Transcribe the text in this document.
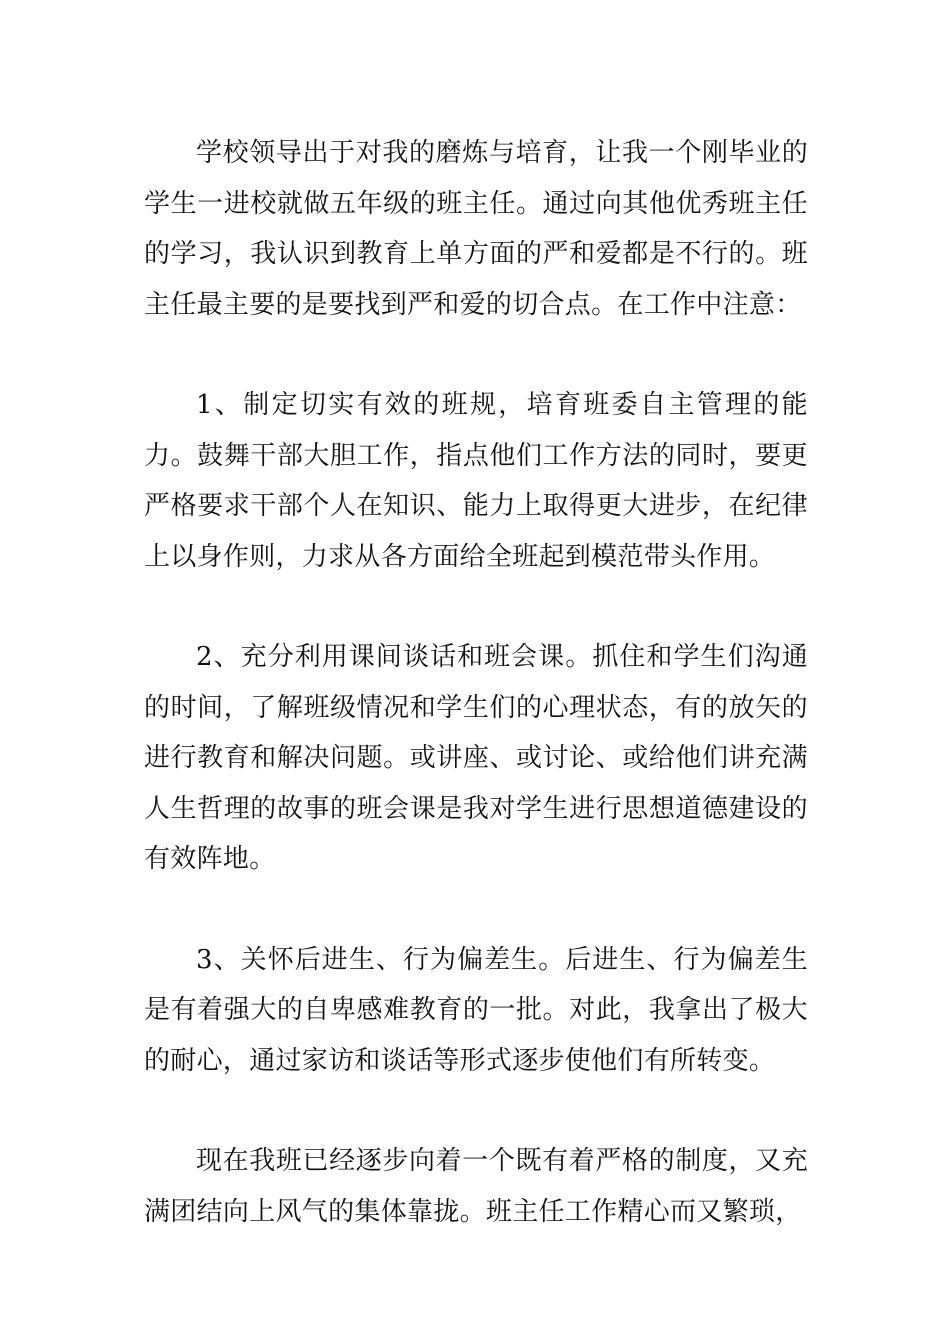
学校领导出于对我的磨炼与培育，让我一个刚毕业的学生一进校就做五年级的班主任。通过向其他优秀班主任的学习，我认识到教育上单方面的严和爱都是不行的。班主任最主要的是要找到严和爱的切合点。在工作中注意：

1、制定切实有效的班规，培育班委自主管理的能力。鼓舞干部大胆工作，指点他们工作方法的同时，要更严格要求干部个人在知识、能力上取得更大进步，在纪律上以身作则，力求从各方面给全班起到模范带头作用。

2、充分利用课间谈话和班会课。抓住和学生们沟通的时间，了解班级情况和学生们的心理状态，有的放矢的进行教育和解决问题。或讲座、或讨论、或给他们讲充满人生哲理的故事的班会课是我对学生进行思想道德建设的有效阵地。

3、关怀后进生、行为偏差生。后进生、行为偏差生是有着强大的自卑感难教育的一批。对此，我拿出了极大的耐心，通过家访和谈话等形式逐步使他们有所转变。

现在我班已经逐步向着一个既有着严格的制度，又充满团结向上风气的集体靠拢。班主任工作精心而又繁琐，
